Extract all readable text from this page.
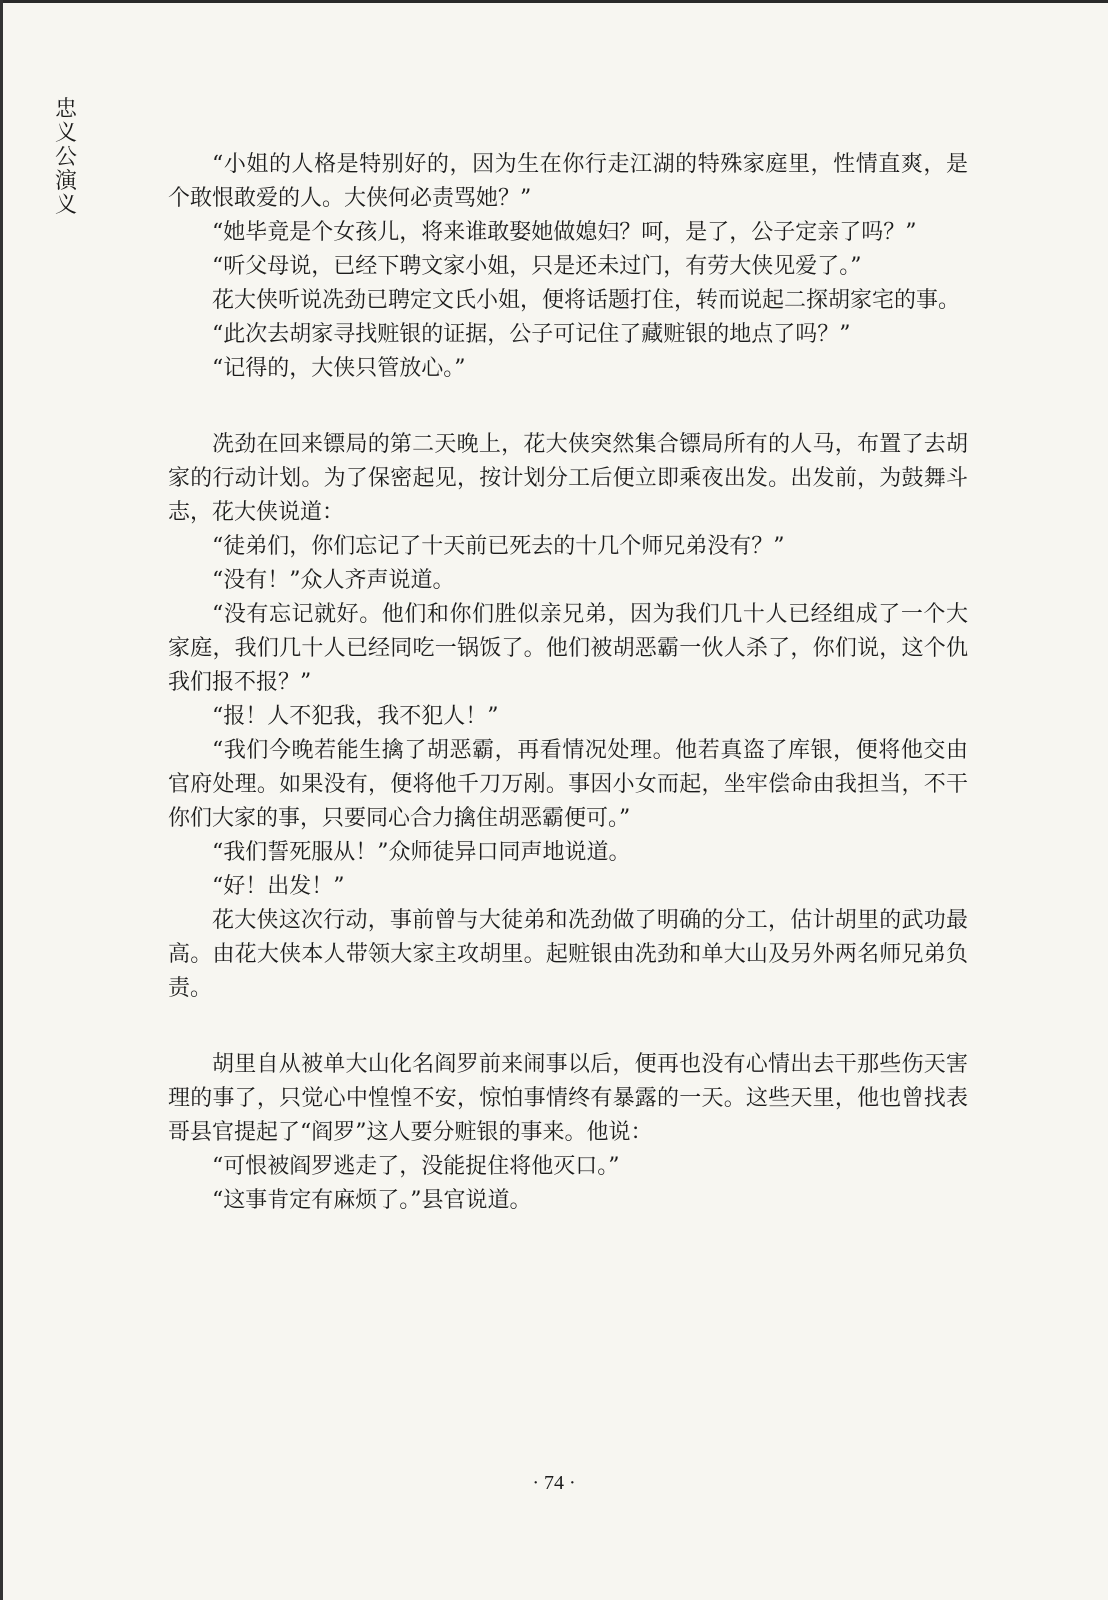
忠
义
公
演
义

“小姐的人格是特别好的，因为生在你行走江湖的特殊家庭里，性情直爽，是个敢恨敢爱的人。大侠何必责骂她？”

“她毕竟是个女孩儿，将来谁敢娶她做媳妇？呵，是了，公子定亲了吗？”

“听父母说，已经下聘文家小姐，只是还未过门，有劳大侠见爱了。”

花大侠听说冼劲已聘定文氏小姐，便将话题打住，转而说起二探胡家宅的事。

“此次去胡家寻找赃银的证据，公子可记住了藏赃银的地点了吗？”

“记得的，大侠只管放心。”

冼劲在回来镖局的第二天晚上，花大侠突然集合镖局所有的人马，布置了去胡家的行动计划。为了保密起见，按计划分工后便立即乘夜出发。出发前，为鼓舞斗志，花大侠说道：

“徒弟们，你们忘记了十天前已死去的十几个师兄弟没有？”

“没有！”众人齐声说道。

“没有忘记就好。他们和你们胜似亲兄弟，因为我们几十人已经组成了一个大家庭，我们几十人已经同吃一锅饭了。他们被胡恶霸一伙人杀了，你们说，这个仇我们报不报？”

“报！人不犯我，我不犯人！”

“我们今晚若能生擒了胡恶霸，再看情况处理。他若真盗了库银，便将他交由官府处理。如果没有，便将他千刀万剐。事因小女而起，坐牢偿命由我担当，不干你们大家的事，只要同心合力擒住胡恶霸便可。”

“我们誓死服从！”众师徒异口同声地说道。

“好！出发！”

花大侠这次行动，事前曾与大徒弟和冼劲做了明确的分工，估计胡里的武功最高。由花大侠本人带领大家主攻胡里。起赃银由冼劲和单大山及另外两名师兄弟负责。

胡里自从被单大山化名阎罗前来闹事以后，便再也没有心情出去干那些伤天害理的事了，只觉心中惶惶不安，惊怕事情终有暴露的一天。这些天里，他也曾找表哥县官提起了“阎罗”这人要分赃银的事来。他说：

“可恨被阎罗逃走了，没能捉住将他灭口。”

“这事肯定有麻烦了。”县官说道。

· 74 ·
